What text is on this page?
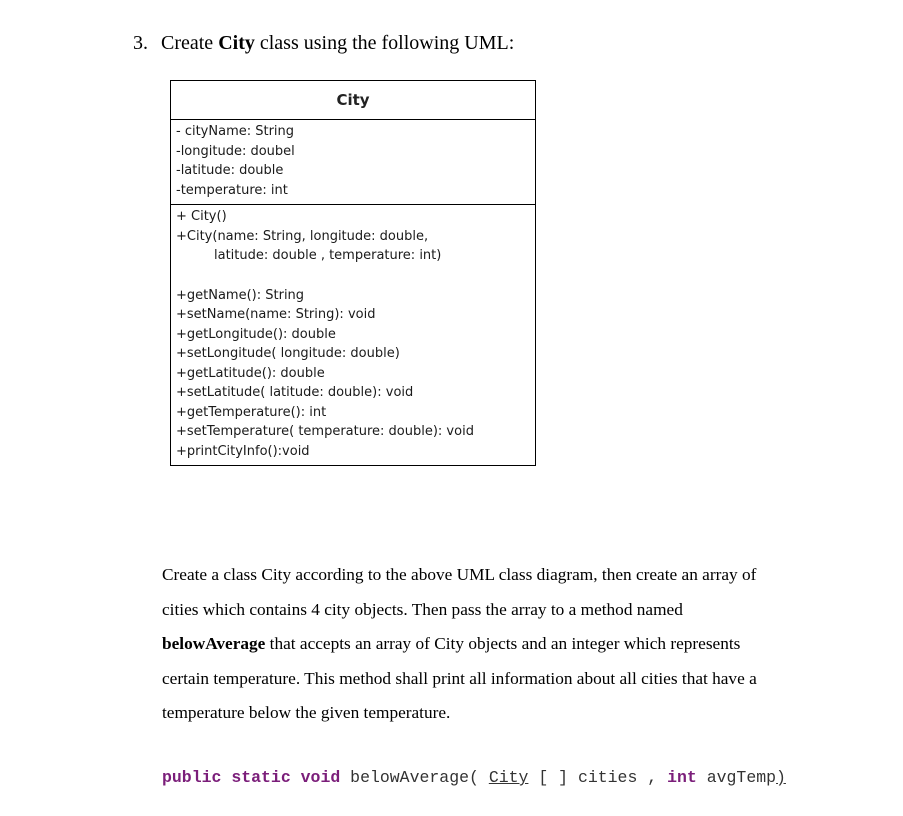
3. Create City class using the following UML:
City
- cityName: String
-longitude: doubel
-latitude: double
-temperature: int
+ City()
+City(name: String, longitude: double,
latitude: double , temperature: int)
+getName(): String
+setName(name: String): void
+getLongitude(): double
+setLongitude( longitude: double)
+getLatitude(): double
+setLatitude( latitude: double): void
+getTemperature(): int
+setTemperature( temperature: double): void
+printCityInfo():void

Create a class City according to the above UML class diagram, then create an array of

cities which contains 4 city objects. Then pass the array to a method named

belowAverage that accepts an array of City objects and an integer which represents

certain temperature. This method shall print all information about all cities that have a

temperature below the given temperature.

public static void belowAverage( City [ ] cities , int avgTemp)
